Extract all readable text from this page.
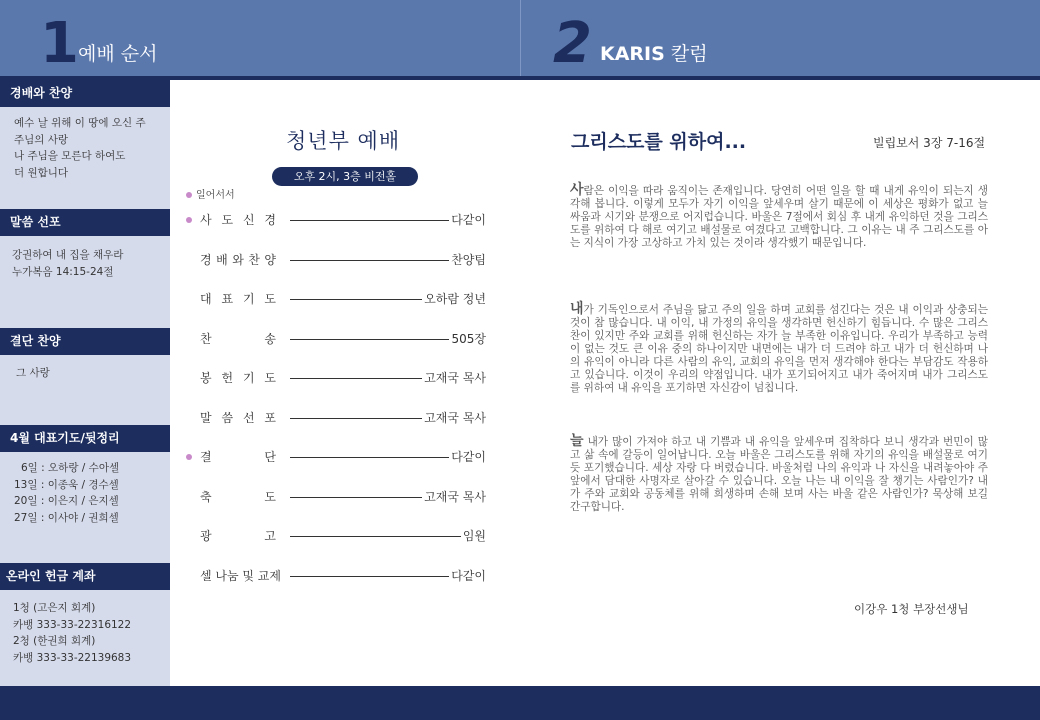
1 예배 순서	2 KARIS 칼럼
경배와 찬양
예수 날 위해 이 땅에 오신 주
주님의 사랑
나 주님을 모른다 하여도
더 원합니다
말씀 선포
강권하여 내 집을 채우라
누가복음 14:15-24절
결단 찬양
그 사랑
4월 대표기도/뒷정리
6일 : 오하랑 / 수아셀
13일 : 이종욱 / 경수셀
20일 : 이은지 / 은지셀
27일 : 이사야 / 권희셀
온라인 헌금 계좌
1청 (고은지 회계)
카뱅 333-33-22316122
2청 (한권희 회계)
카뱅 333-33-22139683
청년부 예배
오후 2시, 3층 비전홀
일어서서
사 도 신 경	다같이
경 배 와 찬 양	찬양팀
대 표 기 도	오하람 정년
찬	송	505장
봉 헌 기 도	고재국 목사
말 씀 선 포	고재국 목사
결	단	다같이
축	도	고재국 목사
광	고	임원
셀 나눔 및 교제	다같이
그리스도를 위하여...	빌립보서 3장 7-16절
사람은 이익을 따라 움직이는 존재입니다. 당연히 어떤 일을 할 때 내게 유익이 되는지 생각해 봅니다. 이렇게 모두가 자기 이익을 앞세우며 살기 때문에 이 세상은 평화가 없고 늘 싸움과 시기와 분쟁으로 어지럽습니다. 바울은 7절에서 회심 후 내게 유익하던 것을 그리스도를 위하여 다 해로 여기고 배설물로 여겼다고 고백합니다. 그 이유는 내 주 그리스도를 아는 지식이 가장 고상하고 가치 있는 것이라 생각했기 때문입니다.
내가 기독인으로서 주님을 닮고 주의 일을 하며 교회를 섬긴다는 것은 내 이익과 상충되는 것이 참 많습니다. 내 이익, 내 가정의 유익을 생각하면 헌신하기 힘듭니다. 수 많은 그리스찬이 있지만 주와 교회를 위해 헌신하는 자가 늘 부족한 이유입니다. 우리가 부족하고 능력이 없는 것도 큰 이유 중의 하나이지만 내면에는 내가 더 드려야 하고 내가 더 헌신하며 나의 유익이 아니라 다른 사람의 유익, 교회의 유익을 먼저 생각해야 한다는 부담감도 작용하고 있습니다. 이것이 우리의 약점입니다. 내가 포기되어지고 내가 죽어지며 내가 그리스도를 위하여 내 유익을 포기하면 자신감이 넘칩니다.
늘 내가 많이 가져야 하고 내 기쁨과 내 유익을 앞세우며 집착하다 보니 생각과 번민이 많고 삶 속에 갈등이 일어납니다. 오늘 바울은 그리스도를 위해 자기의 유익을 배설물로 여기듯 포기했습니다. 세상 자랑 다 버렸습니다. 바울처럼 나의 유익과 나 자신을 내려놓아야 주 앞에서 담대한 사명자로 살아갈 수 있습니다. 오늘 나는 내 이익을 잘 챙기는 사람인가? 내가 주와 교회와 공동체를 위해 희생하며 손해 보며 사는 바울 같은 사람인가? 묵상해 보길 간구합니다.
이강우 1청 부장선생님
